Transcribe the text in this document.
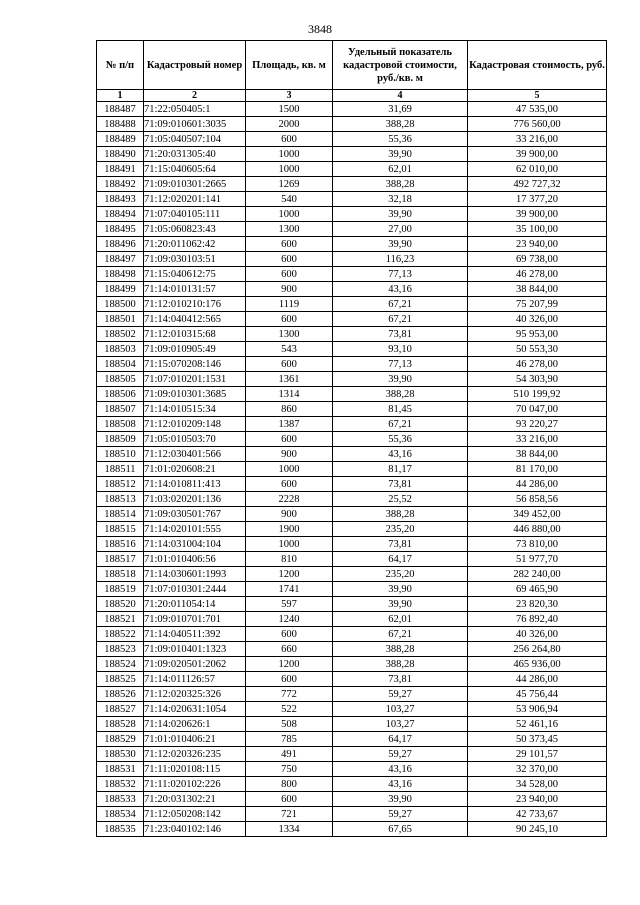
3848
№ п/п	Кадастровый номер	Площадь, кв. м	Удельный показатель кадастровой стоимости, руб./кв. м	Кадастровая стоимость, руб.
1	2	3	4	5
188487	71:22:050405:1	1500	31,69	47 535,00
188488	71:09:010601:3035	2000	388,28	776 560,00
188489	71:05:040507:104	600	55,36	33 216,00
188490	71:20:031305:40	1000	39,90	39 900,00
188491	71:15:040605:64	1000	62,01	62 010,00
188492	71:09:010301:2665	1269	388,28	492 727,32
188493	71:12:020201:141	540	32,18	17 377,20
188494	71:07:040105:111	1000	39,90	39 900,00
188495	71:05:060823:43	1300	27,00	35 100,00
188496	71:20:011062:42	600	39,90	23 940,00
188497	71:09:030103:51	600	116,23	69 738,00
188498	71:15:040612:75	600	77,13	46 278,00
188499	71:14:010131:57	900	43,16	38 844,00
188500	71:12:010210:176	1119	67,21	75 207,99
188501	71:14:040412:565	600	67,21	40 326,00
188502	71:12:010315:68	1300	73,81	95 953,00
188503	71:09:010905:49	543	93,10	50 553,30
188504	71:15:070208:146	600	77,13	46 278,00
188505	71:07:010201:1531	1361	39,90	54 303,90
188506	71:09:010301:3685	1314	388,28	510 199,92
188507	71:14:010515:34	860	81,45	70 047,00
188508	71:12:010209:148	1387	67,21	93 220,27
188509	71:05:010503:70	600	55,36	33 216,00
188510	71:12:030401:566	900	43,16	38 844,00
188511	71:01:020608:21	1000	81,17	81 170,00
188512	71:14:010811:413	600	73,81	44 286,00
188513	71:03:020201:136	2228	25,52	56 858,56
188514	71:09:030501:767	900	388,28	349 452,00
188515	71:14:020101:555	1900	235,20	446 880,00
188516	71:14:031004:104	1000	73,81	73 810,00
188517	71:01:010406:56	810	64,17	51 977,70
188518	71:14:030601:1993	1200	235,20	282 240,00
188519	71:07:010301:2444	1741	39,90	69 465,90
188520	71:20:011054:14	597	39,90	23 820,30
188521	71:09:010701:701	1240	62,01	76 892,40
188522	71:14:040511:392	600	67,21	40 326,00
188523	71:09:010401:1323	660	388,28	256 264,80
188524	71:09:020501:2062	1200	388,28	465 936,00
188525	71:14:011126:57	600	73,81	44 286,00
188526	71:12:020325:326	772	59,27	45 756,44
188527	71:14:020631:1054	522	103,27	53 906,94
188528	71:14:020626:1	508	103,27	52 461,16
188529	71:01:010406:21	785	64,17	50 373,45
188530	71:12:020326:235	491	59,27	29 101,57
188531	71:11:020108:115	750	43,16	32 370,00
188532	71:11:020102:226	800	43,16	34 528,00
188533	71:20:031302:21	600	39,90	23 940,00
188534	71:12:050208:142	721	59,27	42 733,67
188535	71:23:040102:146	1334	67,65	90 245,10
